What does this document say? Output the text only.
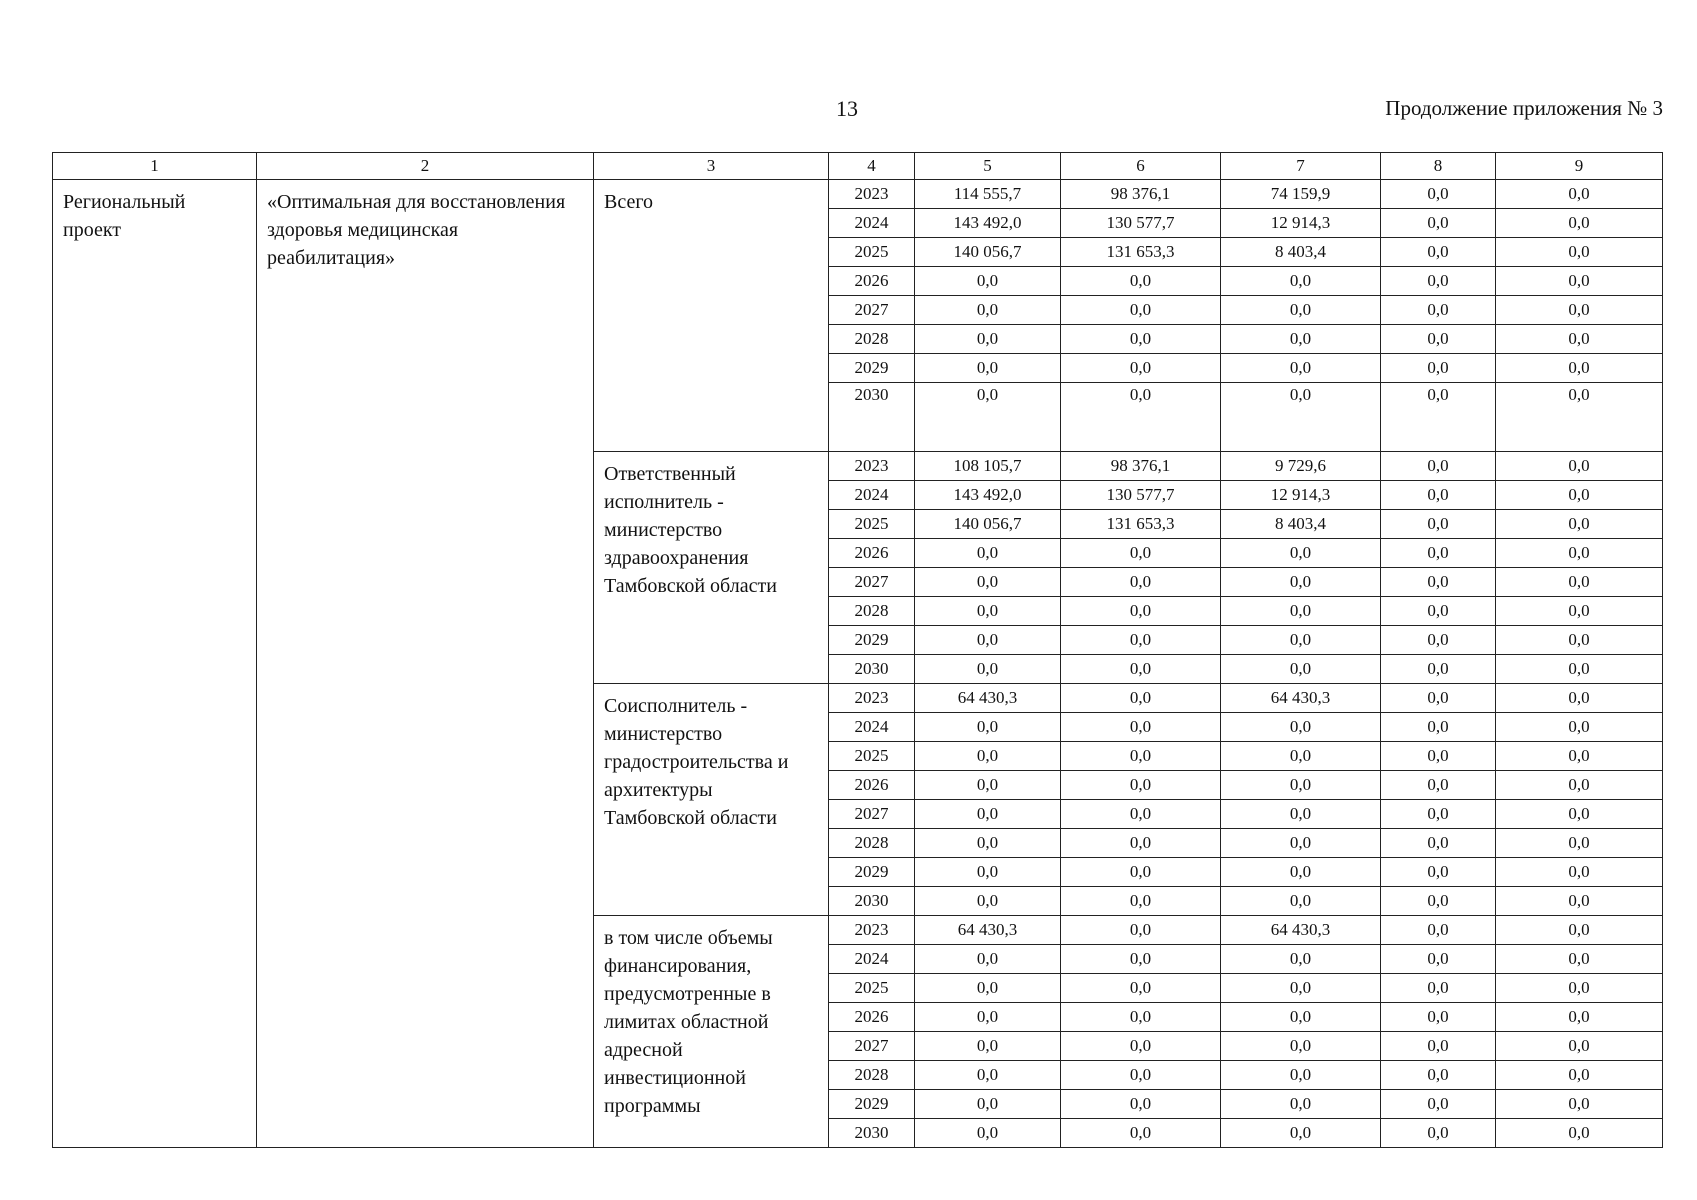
13	Продолжение приложения № 3
1	2	3	4	5	6	7	8	9
Региональный проект	«Оптимальная для восстановления здоровья медицинская реабилитация»	Всего	2023	114 555,7	98 376,1	74 159,9	0,0	0,0
			2024	143 492,0	130 577,7	12 914,3	0,0	0,0
			2025	140 056,7	131 653,3	8 403,4	0,0	0,0
			2026	0,0	0,0	0,0	0,0	0,0
			2027	0,0	0,0	0,0	0,0	0,0
			2028	0,0	0,0	0,0	0,0	0,0
			2029	0,0	0,0	0,0	0,0	0,0
			2030	0,0	0,0	0,0	0,0	0,0
		Ответственный исполнитель - министерство здравоохранения Тамбовской области	2023	108 105,7	98 376,1	9 729,6	0,0	0,0
			2024	143 492,0	130 577,7	12 914,3	0,0	0,0
			2025	140 056,7	131 653,3	8 403,4	0,0	0,0
			2026	0,0	0,0	0,0	0,0	0,0
			2027	0,0	0,0	0,0	0,0	0,0
			2028	0,0	0,0	0,0	0,0	0,0
			2029	0,0	0,0	0,0	0,0	0,0
			2030	0,0	0,0	0,0	0,0	0,0
		Соисполнитель - министерство градостроительства и архитектуры Тамбовской области	2023	64 430,3	0,0	64 430,3	0,0	0,0
			2024	0,0	0,0	0,0	0,0	0,0
			2025	0,0	0,0	0,0	0,0	0,0
			2026	0,0	0,0	0,0	0,0	0,0
			2027	0,0	0,0	0,0	0,0	0,0
			2028	0,0	0,0	0,0	0,0	0,0
			2029	0,0	0,0	0,0	0,0	0,0
			2030	0,0	0,0	0,0	0,0	0,0
		в том числе объемы финансирования, предусмотренные в лимитах областной адресной инвестиционной программы	2023	64 430,3	0,0	64 430,3	0,0	0,0
			2024	0,0	0,0	0,0	0,0	0,0
			2025	0,0	0,0	0,0	0,0	0,0
			2026	0,0	0,0	0,0	0,0	0,0
			2027	0,0	0,0	0,0	0,0	0,0
			2028	0,0	0,0	0,0	0,0	0,0
			2029	0,0	0,0	0,0	0,0	0,0
			2030	0,0	0,0	0,0	0,0	0,0
